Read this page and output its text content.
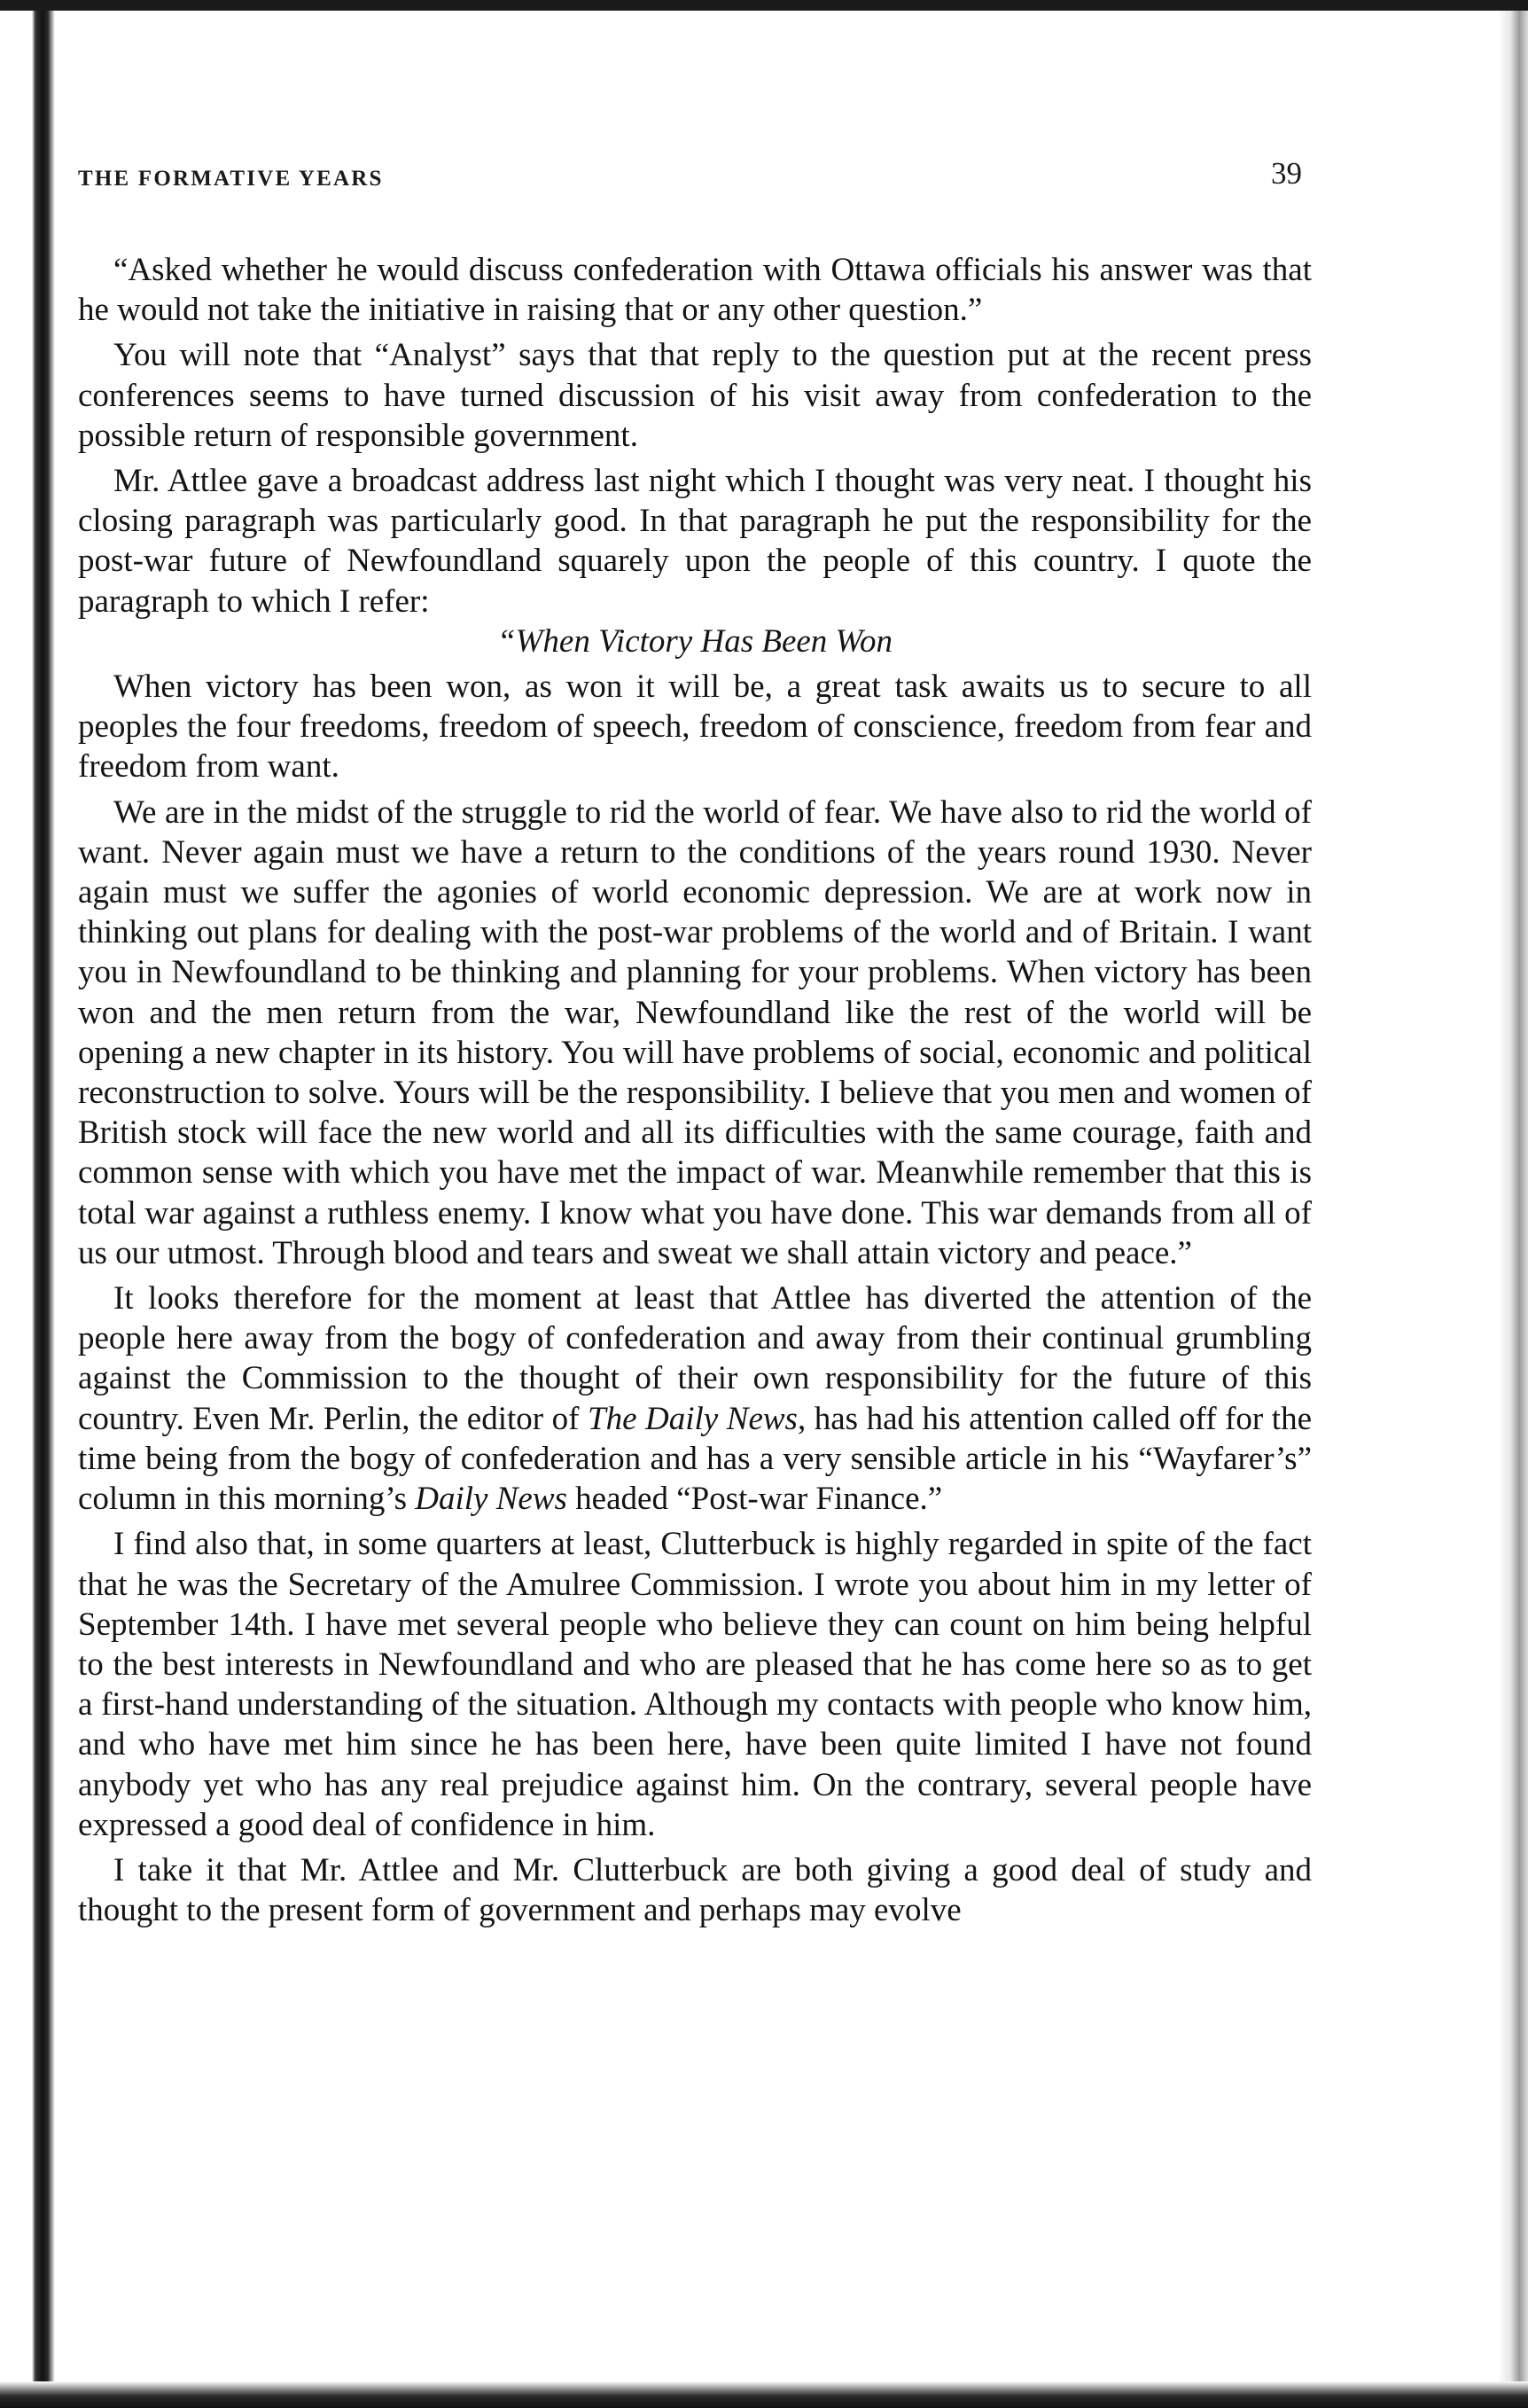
THE FORMATIVE YEARS	39

“Asked whether he would discuss confederation with Ottawa officials his answer was that he would not take the initiative in raising that or any other question.”

You will note that “Analyst” says that that reply to the question put at the recent press conferences seems to have turned discussion of his visit away from confederation to the possible return of responsible government.

Mr. Attlee gave a broadcast address last night which I thought was very neat. I thought his closing paragraph was particularly good. In that paragraph he put the responsibility for the post-war future of Newfoundland squarely upon the people of this country. I quote the paragraph to which I refer:

“When Victory Has Been Won

When victory has been won, as won it will be, a great task awaits us to secure to all peoples the four freedoms, freedom of speech, freedom of conscience, freedom from fear and freedom from want.

We are in the midst of the struggle to rid the world of fear. We have also to rid the world of want. Never again must we have a return to the conditions of the years round 1930. Never again must we suffer the agonies of world economic depression. We are at work now in thinking out plans for dealing with the post-war problems of the world and of Britain. I want you in Newfoundland to be thinking and planning for your problems. When victory has been won and the men return from the war, Newfoundland like the rest of the world will be opening a new chapter in its history. You will have problems of social, economic and political reconstruction to solve. Yours will be the responsibility. I believe that you men and women of British stock will face the new world and all its difficulties with the same courage, faith and common sense with which you have met the impact of war. Meanwhile remember that this is total war against a ruthless enemy. I know what you have done. This war demands from all of us our utmost. Through blood and tears and sweat we shall attain victory and peace.”

It looks therefore for the moment at least that Attlee has diverted the attention of the people here away from the bogy of confederation and away from their continual grumbling against the Commission to the thought of their own responsibility for the future of this country. Even Mr. Perlin, the editor of The Daily News, has had his attention called off for the time being from the bogy of confederation and has a very sensible article in his “Wayfarer’s” column in this morning’s Daily News headed “Post-war Finance.”

I find also that, in some quarters at least, Clutterbuck is highly regarded in spite of the fact that he was the Secretary of the Amulree Commission. I wrote you about him in my letter of September 14th. I have met several people who believe they can count on him being helpful to the best interests in Newfoundland and who are pleased that he has come here so as to get a first-hand understanding of the situation. Although my contacts with people who know him, and who have met him since he has been here, have been quite limited I have not found anybody yet who has any real prejudice against him. On the contrary, several people have expressed a good deal of confidence in him.

I take it that Mr. Attlee and Mr. Clutterbuck are both giving a good deal of study and thought to the present form of government and perhaps may evolve
